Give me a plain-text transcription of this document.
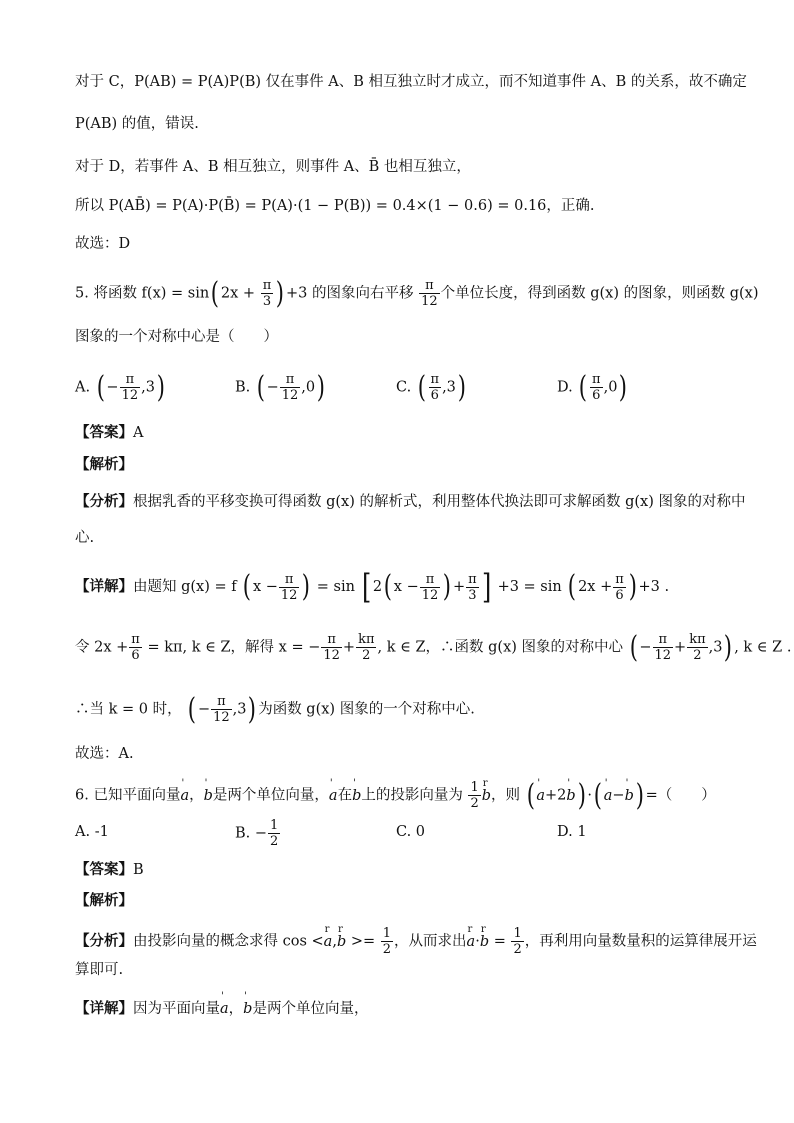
对于 C，P(AB) = P(A)P(B) 仅在事件 A、B 相互独立时才成立，而不知道事件 A、B 的关系，故不确定
P(AB) 的值，错误.
对于 D，若事件 A、B 相互独立，则事件 A、B̄ 也相互独立，
所以 P(AB̄) = P(A)·P(B̄) = P(A)·(1 − P(B)) = 0.4×(1 − 0.6) = 0.16，正确.
故选：D
5. 将函数 f(x) = sin( $2x + \frac{\pi}{3}$ ) +3 的图象向右平移 $\frac{\pi}{12}$ 个单位长度，得到函数 g(x) 的图象，则函数 g(x)
图象的一个对称中心是（　　）
A. ( − $\frac{\pi}{12} ,3$)	B. ( − $\frac{\pi}{12} ,0$)	C. ( $\frac{\pi}{6} ,3$)	D. ( $\frac{\pi}{6} ,0$)
【答案】A
【解析】
【分析】根据乳香的平移变换可得函数 g(x) 的解析式，利用整体代换法即可求解函数 g(x) 图象的对称中
心.
【详解】由题知 g(x) = f ( $x - \frac{\pi}{12}$ ) = sin [ 2( $x - \frac{\pi}{12}$ ) + $\frac{\pi}{3}$ ] +3 = sin ( $2x + \frac{\pi}{6}$ ) +3 .
令 $2x + \frac{\pi}{6} = k\pi$, k ∈ Z，解得 x = − $\frac{\pi}{12} + \frac{k\pi}{2}$ , k ∈ Z，∴函数 g(x) 图象的对称中心 ( − $\frac{\pi}{12} + \frac{k\pi}{2} ,3$) , k ∈ Z .
∴当 k = 0 时， ( − $\frac{\pi}{12} ,3$) 为函数 g(x) 图象的一个对称中心.
故选：A.
6. 已知平面向量' a，' b是两个单位向量，' a在' b上的投影向量为 $\frac{1}{2}$ r b，则 ( ' a+2' b) ·( ' a−' b) =（　　）
A. -1	B. − $\frac{1}{2}$	C. 0	D. 1
【答案】B
【解析】
【分析】由投影向量的概念求得 cos <r a,r $b >= \frac{1}{2}$ ，从而求出r a·r $b = \frac{1}{2}$ ，再利用向量数量积的运算律展开运
算即可.
【详解】因为平面向量' a，' b是两个单位向量，
